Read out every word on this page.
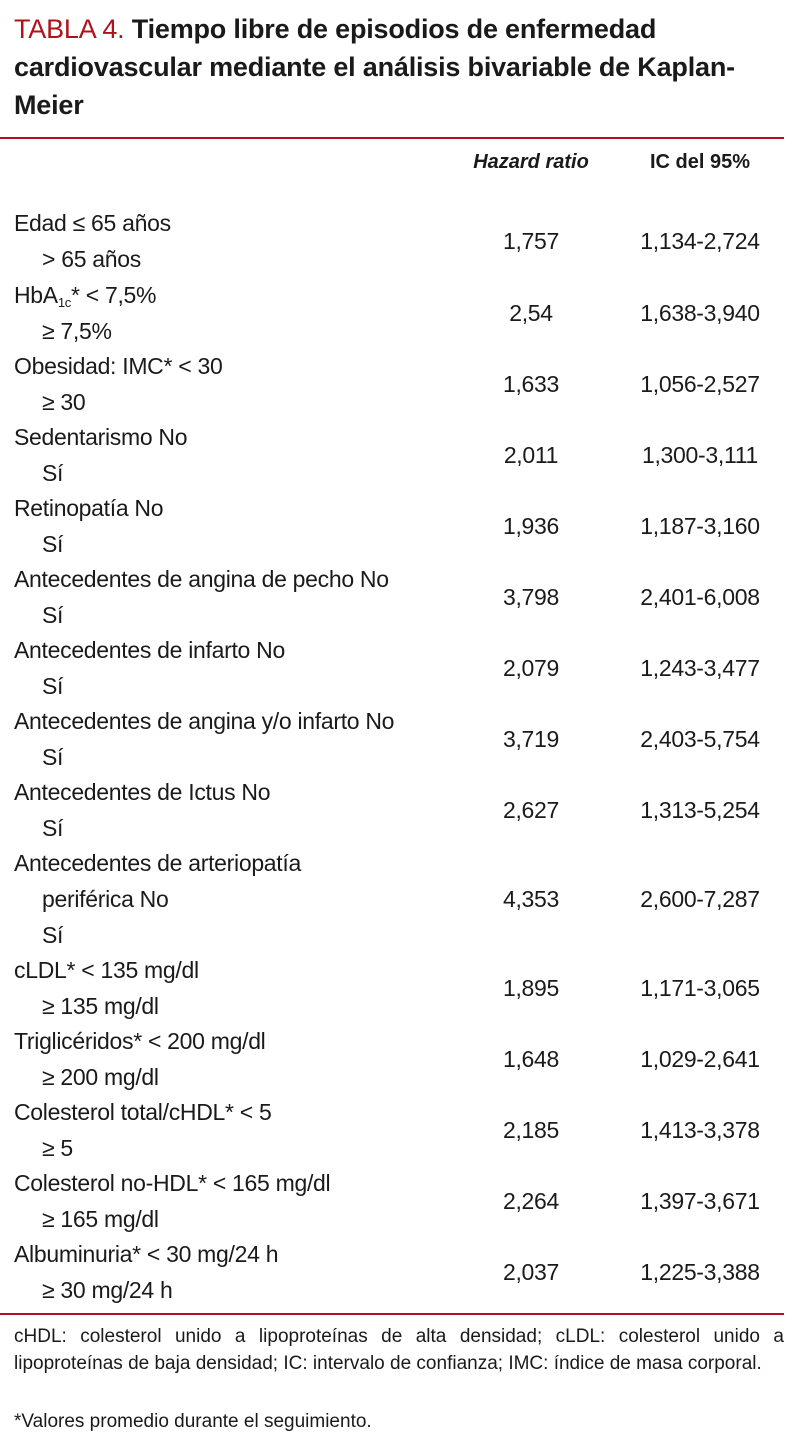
TABLA 4. Tiempo libre de episodios de enfermedad cardiovascular mediante el análisis bivariable de Kaplan-Meier
Hazard ratio	IC del 95%
Edad ≤ 65 años
> 65 años
1,757	1,134-2,724
HbA$_{1c}$* < 7,5%
≥ 7,5%
2,54	1,638-3,940
Obesidad: IMC* < 30
≥ 30
1,633	1,056-2,527
Sedentarismo No
Sí
2,011	1,300-3,111
Retinopatía No
Sí
1,936	1,187-3,160
Antecedentes de angina de pecho No
Sí
3,798	2,401-6,008
Antecedentes de infarto No
Sí
2,079	1,243-3,477
Antecedentes de angina y/o infarto No
Sí
3,719	2,403-5,754
Antecedentes de Ictus No
Sí
2,627	1,313-5,254
Antecedentes de arteriopatía
periférica No
Sí
4,353	2,600-7,287
cLDL* < 135 mg/dl
≥ 135 mg/dl
1,895	1,171-3,065
Triglicéridos* < 200 mg/dl
≥ 200 mg/dl
1,648	1,029-2,641
Colesterol total/cHDL* < 5
≥ 5
2,185	1,413-3,378
Colesterol no-HDL* < 165 mg/dl
≥ 165 mg/dl
2,264	1,397-3,671
Albuminuria* < 30 mg/24 h
≥ 30 mg/24 h
2,037	1,225-3,388
cHDL: colesterol unido a lipoproteínas de alta densidad; cLDL: colesterol unido a lipoproteínas de baja densidad; IC: intervalo de confianza; IMC: índice de masa corporal.
*Valores promedio durante el seguimiento.
